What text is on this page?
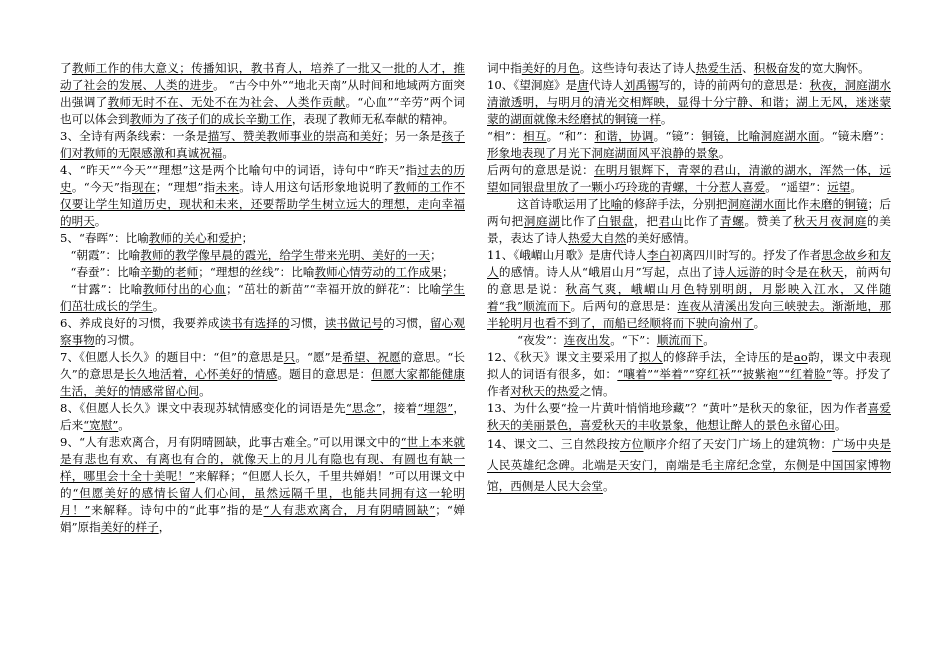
了教师工作的伟大意义；传播知识，教书育人，培养了一批又一批的人才，推动了社会的发展、人类的进步。 “古今中外”“地北天南”从时间和地域两方面突出强调了教师无时不在、无处不在为社会、人类作贡献。“心血”“辛劳”两个词也可以体会到教师为了孩子们的成长辛勤工作，表现了教师无私奉献的精神。

3、全诗有两条线索：一条是描写、赞美教师事业的崇高和美好；另一条是孩子们对教师的无限感激和真诚祝福。

4、“昨天”“今天”“理想”这是两个比喻句中的词语，诗句中“昨天”指过去的历史。“今天”指现在；“理想”指未来。诗人用这句话形象地说明了教师的工作不仅要让学生知道历史，现状和未来，还要帮助学生树立远大的理想，走向幸福的明天。

5、“春晖”：比喻教师的关心和爱护；

“朝霞”：比喻教师的教学像早晨的霞光，给学生带来光明、美好的一天；

“春蚕”：比喻辛勤的老师；“理想的丝线”：比喻教师心情劳动的工作成果；

“甘露”：比喻教师付出的心血；“茁壮的新苗”“幸福开放的鲜花”：比喻学生们茁壮成长的学生。

6、养成良好的习惯，我要养成读书有选择的习惯，读书做记号的习惯，留心观察事物的习惯。

7、《但愿人长久》的题目中：“但”的意思是只。“愿”是希望、祝愿的意思。“长久”的意思是长久地活着，心怀美好的情感。题目的意思是：但愿大家都能健康生活，美好的情感常留心间。

8、《但愿人长久》课文中表现苏轼情感变化的词语是先“思念”，接着“埋怨”，后来“宽慰”。

9、“人有悲欢离合，月有阴晴圆缺，此事古难全。”可以用课文中的“世上本来就是有悲也有欢、有离也有合的，就像天上的月儿有隐也有现、有圆也有缺一样，哪里会十全十美呢！”来解释；“但愿人长久，千里共婵娟！”可以用课文中的“但愿美好的感情长留人们心间，虽然远隔千里，也能共同拥有这一轮明月！”来解释。诗句中的“此事”指的是“人有悲欢离合，月有阴晴圆缺”；“婵娟”原指美好的样子，

词中指美好的月色。这些诗句表达了诗人热爱生活、积极奋发的宽大胸怀。

10、《望洞庭》是唐代诗人刘禹锡写的，诗的前两句的意思是：秋夜，洞庭湖水清澈透明，与明月的清光交相辉映，显得十分宁静、和谐；湖上无风，迷迷蒙蒙的湖面就像未经磨拭的铜镜一样。

“相”：相互。“和”：和谐，协调。“镜”：铜镜，比喻洞庭湖水面。“镜未磨”：形象地表现了月光下洞庭湖面风平浪静的景象。

后两句的意思是说：在明月银辉下，青翠的君山，清澈的湖水，浑然一体，远望如同银盘里放了一颗小巧玲珑的青螺，十分惹人喜爱。 “遥望”：远望。

这首诗歌运用了比喻的修辞手法，分别把洞庭湖水面比作未磨的铜镜；后两句把洞庭湖比作了白银盘，把君山比作了青螺。赞美了秋天月夜洞庭的美景，表达了诗人热爱大自然的美好感情。

11、《峨嵋山月歌》是唐代诗人李白初离四川时写的。抒发了作者思念故乡和友人的感情。诗人从“峨眉山月”写起，点出了诗人远游的时令是在秋天，前两句的意思是说：秋高气爽，峨嵋山月色特别明朗，月影映入江水，又伴随着“我”顺流而下。后两句的意思是：连夜从清溪出发向三峡驶去。渐渐地，那半轮明月也看不到了，而船已经顺将而下驶向渝州了。

“夜发”：连夜出发。“下”：顺流而下。

12、《秋天》课文主要采用了拟人的修辞手法，全诗压的是ao韵，课文中表现拟人的词语有很多，如：“嚷着”“举着”“穿红袄”“披紫袍”“红着脸”等。抒发了作者对秋天的热爱之情。

13、为什么要“捡一片黄叶悄悄地珍藏”？“黄叶”是秋天的象征，因为作者喜爱秋天的美丽景色，喜爱秋天的丰收景象，他想让醉人的景色永留心田。

14、课文二、三自然段按方位顺序介绍了天安门广场上的建筑物：广场中央是人民英雄纪念碑。北端是天安门，南端是毛主席纪念堂，东侧是中国国家博物馆，西侧是人民大会堂。
